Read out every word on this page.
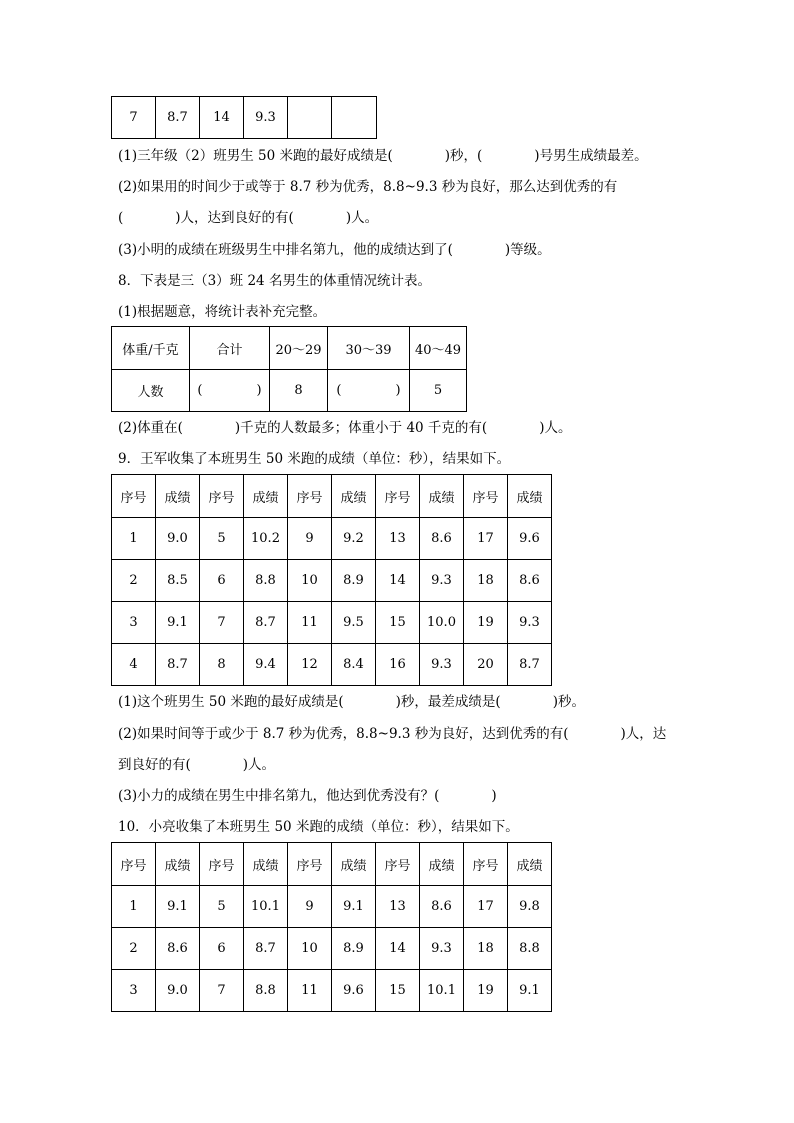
7	8.7	14	9.3		
(1)三年级（2）班男生 50 米跑的最好成绩是(	)秒，(	)号男生成绩最差。
(2)如果用的时间少于或等于 8.7 秒为优秀，8.8~9.3 秒为良好，那么达到优秀的有
(	)人，达到良好的有(	)人。
(3)小明的成绩在班级男生中排名第九，他的成绩达到了(	)等级。
8．下表是三（3）班 24 名男生的体重情况统计表。
(1)根据题意，将统计表补充完整。
体重/千克	合计	20～29	30～39	40～49
人数	( )	8	( )	5
(2)体重在(	)千克的人数最多；体重小于 40 千克的有(	)人。
9．王军收集了本班男生 50 米跑的成绩（单位：秒），结果如下。
序号	成绩	序号	成绩	序号	成绩	序号	成绩	序号	成绩
1	9.0	5	10.2	9	9.2	13	8.6	17	9.6
2	8.5	6	8.8	10	8.9	14	9.3	18	8.6
3	9.1	7	8.7	11	9.5	15	10.0	19	9.3
4	8.7	8	9.4	12	8.4	16	9.3	20	8.7
(1)这个班男生 50 米跑的最好成绩是(	)秒，最差成绩是(	)秒。
(2)如果时间等于或少于 8.7 秒为优秀，8.8~9.3 秒为良好，达到优秀的有(	)人，达
到良好的有(	)人。
(3)小力的成绩在男生中排名第九，他达到优秀没有？(	)
10．小亮收集了本班男生 50 米跑的成绩（单位：秒），结果如下。
序号	成绩	序号	成绩	序号	成绩	序号	成绩	序号	成绩
1	9.1	5	10.1	9	9.1	13	8.6	17	9.8
2	8.6	6	8.7	10	8.9	14	9.3	18	8.8
3	9.0	7	8.8	11	9.6	15	10.1	19	9.1
